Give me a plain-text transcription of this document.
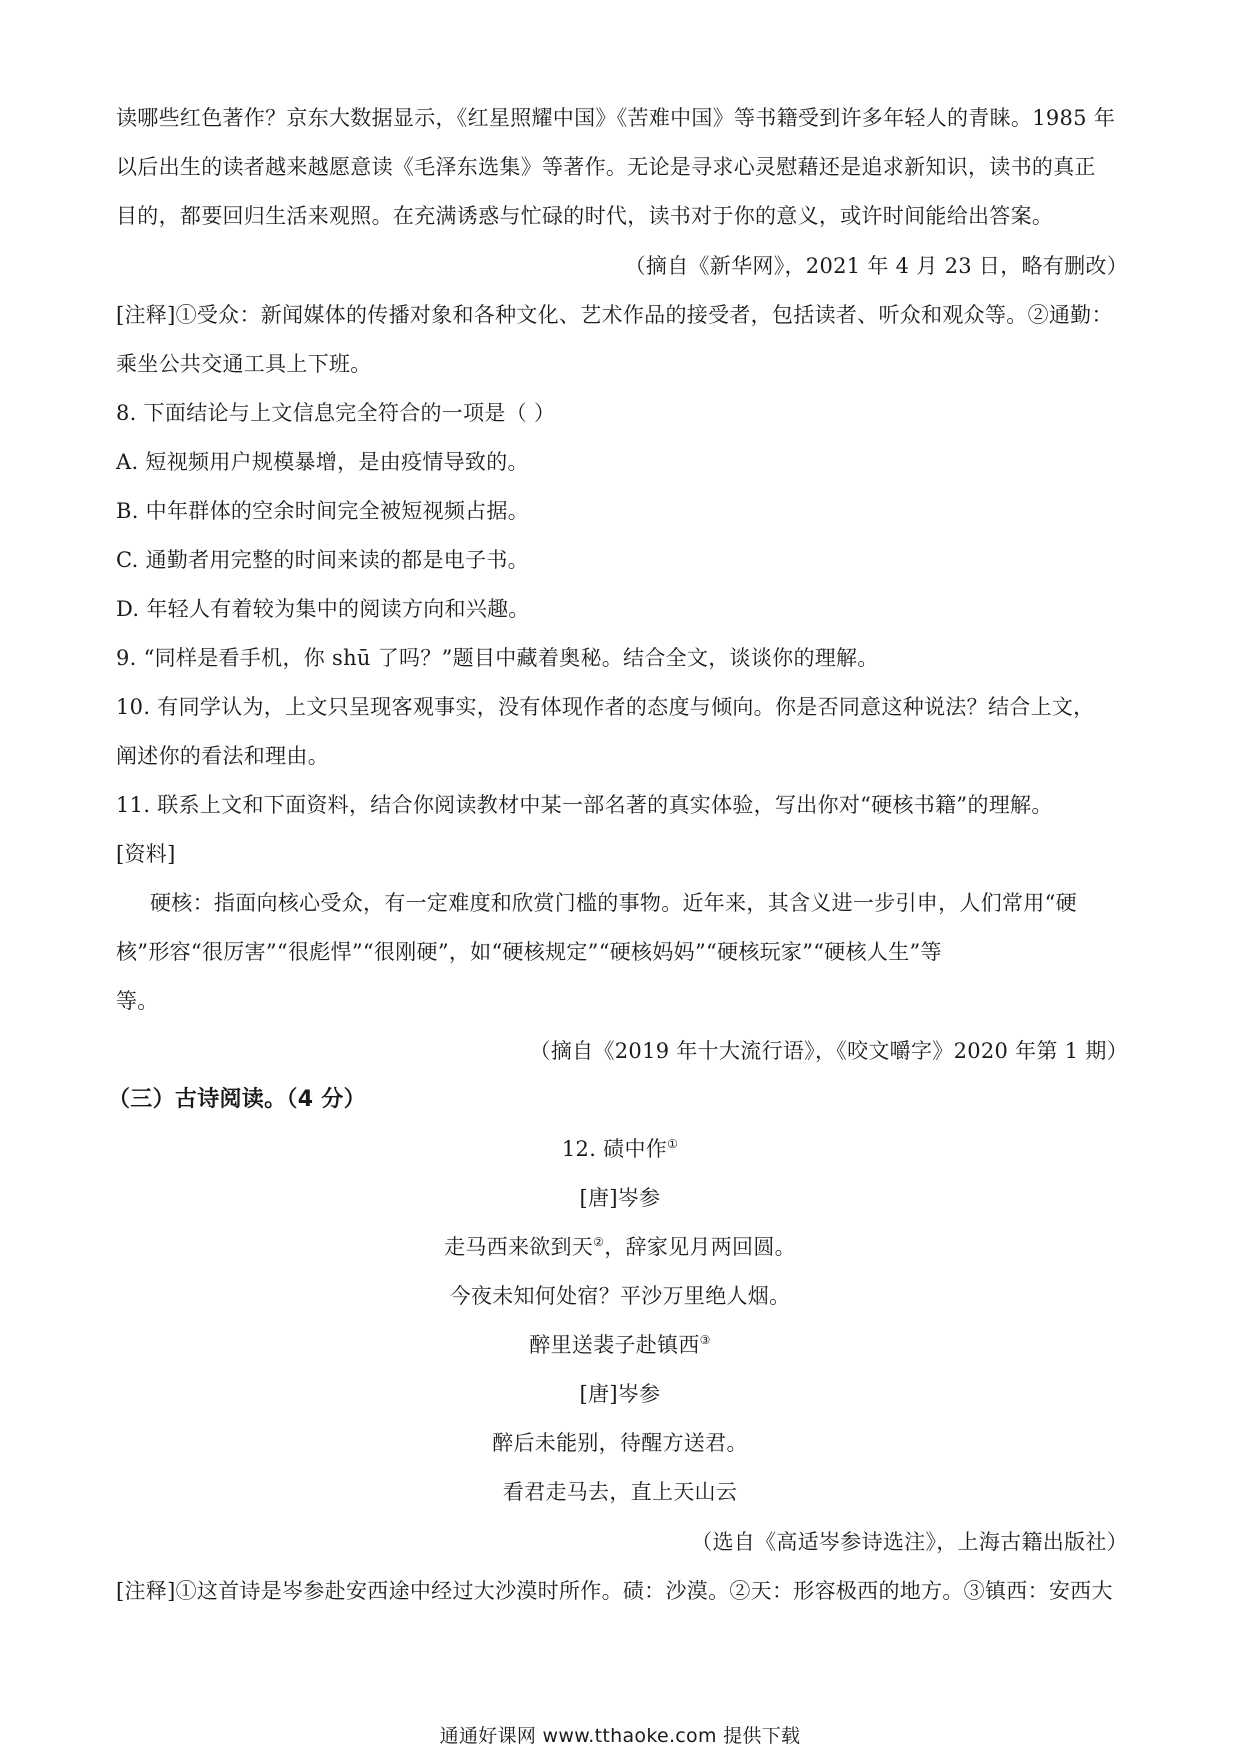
读哪些红色著作？京东大数据显示，《红星照耀中国》《苦难中国》等书籍受到许多年轻人的青睐。1985 年
以后出生的读者越来越愿意读《毛泽东选集》等著作。无论是寻求心灵慰藉还是追求新知识，读书的真正
目的，都要回归生活来观照。在充满诱惑与忙碌的时代，读书对于你的意义，或许时间能给出答案。
（摘自《新华网》，2021 年 4 月 23 日，略有删改）
[注释]①受众：新闻媒体的传播对象和各种文化、艺术作品的接受者，包括读者、听众和观众等。②通勤：
乘坐公共交通工具上下班。
8. 下面结论与上文信息完全符合的一项是（ ）
A. 短视频用户规模暴增，是由疫情导致的。
B. 中年群体的空余时间完全被短视频占据。
C. 通勤者用完整的时间来读的都是电子书。
D. 年轻人有着较为集中的阅读方向和兴趣。
9. “同样是看手机，你 shū 了吗？”题目中藏着奥秘。结合全文，谈谈你的理解。
10. 有同学认为，上文只呈现客观事实，没有体现作者的态度与倾向。你是否同意这种说法？结合上文，
阐述你的看法和理由。
11. 联系上文和下面资料，结合你阅读教材中某一部名著的真实体验，写出你对“硬核书籍”的理解。
[资料]
硬核：指面向核心受众，有一定难度和欣赏门槛的事物。近年来，其含义进一步引申，人们常用“硬
核”形容“很厉害”“很彪悍”“很刚硬”，如“硬核规定”“硬核妈妈”“硬核玩家”“硬核人生”等
等。
（摘自《2019 年十大流行语》，《咬文嚼字》2020 年第 1 期）
（三）古诗阅读。（4 分）
12. 碛中作①
[唐]岑参
走马西来欲到天②，辞家见月两回圆。
今夜未知何处宿？平沙万里绝人烟。
醉里送裴子赴镇西③
[唐]岑参
醉后未能别，待醒方送君。
看君走马去，直上天山云
（选自《高适岑参诗选注》，上海古籍出版社）
[注释]①这首诗是岑参赴安西途中经过大沙漠时所作。碛：沙漠。②天：形容极西的地方。③镇西：安西大
通通好课网 www.tthaoke.com 提供下载
